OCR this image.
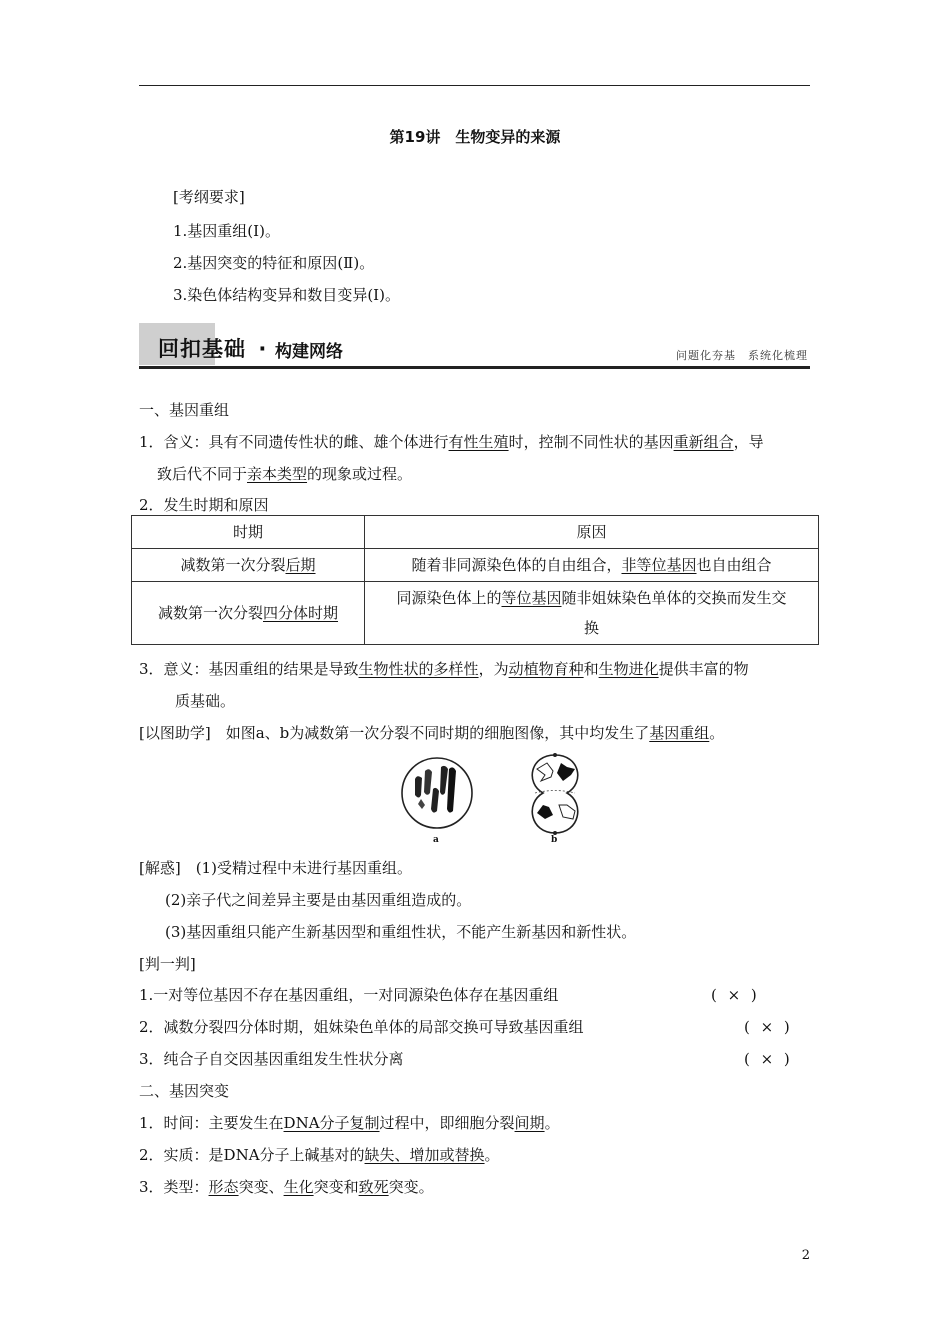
第19讲　生物变异的来源
[考纲要求]
1.基因重组(Ⅰ)。
2.基因突变的特征和原因(Ⅱ)。
3.染色体结构变异和数目变异(Ⅰ)。
回扣基础 · 构建网络	问题化夯基　系统化梳理
一、基因重组
1．含义：具有不同遗传性状的雌、雄个体进行有性生殖时，控制不同性状的基因重新组合，导
致后代不同于亲本类型的现象或过程。
2．发生时期和原因
时期	原因
减数第一次分裂后期	随着非同源染色体的自由组合，非等位基因也自由组合
减数第一次分裂四分体时期	同源染色体上的等位基因随非姐妹染色单体的交换而发生交
换
3．意义：基因重组的结果是导致生物性状的多样性，为动植物育种和生物进化提供丰富的物
质基础。
[以图助学]　如图a、b为减数第一次分裂不同时期的细胞图像，其中均发生了基因重组。
a	b
[解惑]　(1)受精过程中未进行基因重组。
(2)亲子代之间差异主要是由基因重组造成的。
(3)基因重组只能产生新基因型和重组性状，不能产生新基因和新性状。
[判一判]
1.一对等位基因不存在基因重组，一对同源染色体存在基因重组	( × )
2．减数分裂四分体时期，姐妹染色单体的局部交换可导致基因重组	( × )
3．纯合子自交因基因重组发生性状分离	( × )
二、基因突变
1．时间：主要发生在DNA分子复制过程中，即细胞分裂间期。
2．实质：是DNA分子上碱基对的缺失、增加或替换。
3．类型：形态突变、生化突变和致死突变。
2
